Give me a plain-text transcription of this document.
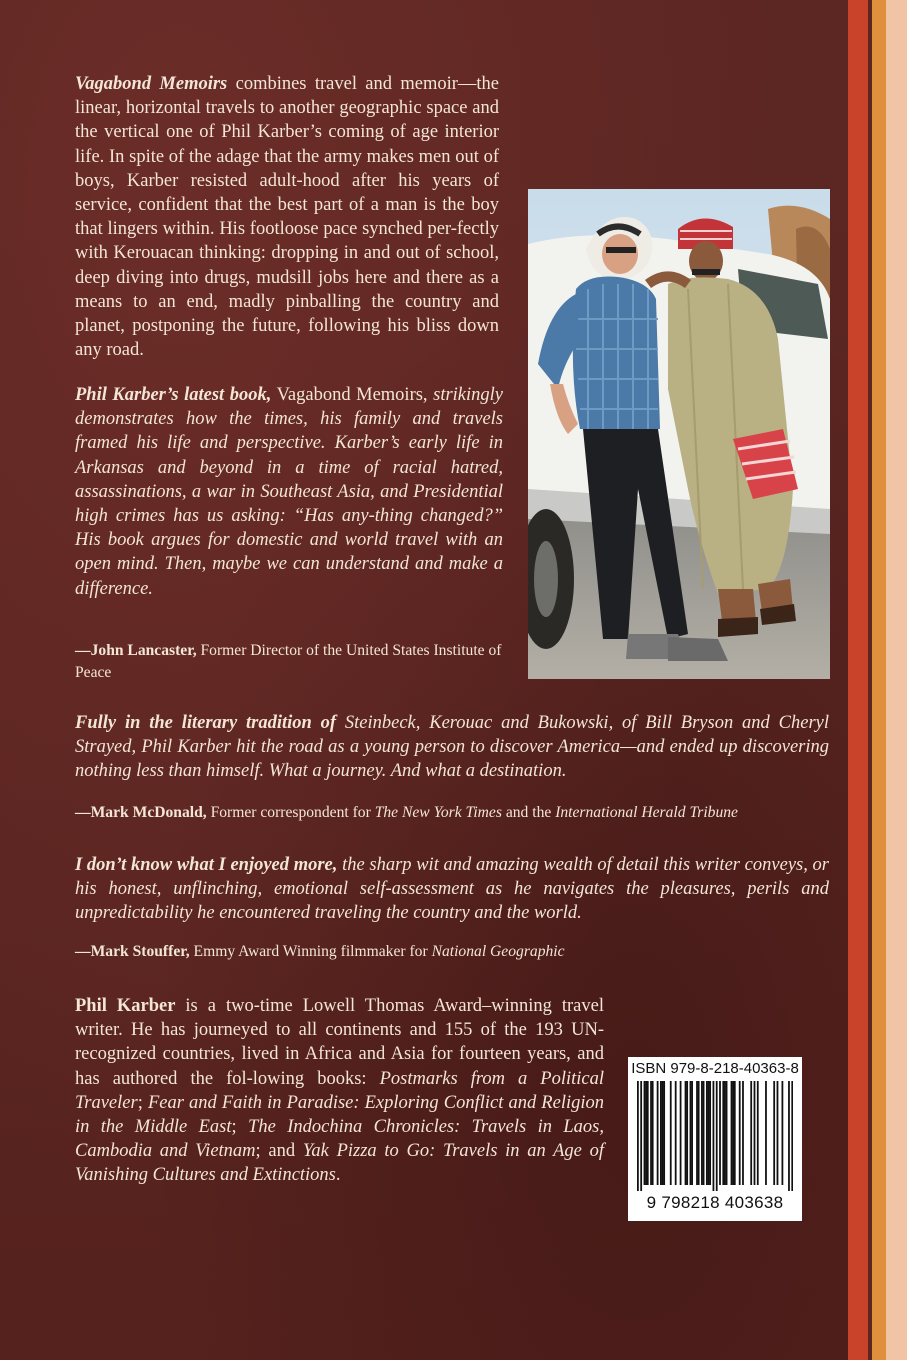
Vagabond Memoirs combines travel and memoir—the linear, horizontal travels to another geographic space and the vertical one of Phil Karber’s coming of age interior life. In spite of the adage that the army makes men out of boys, Karber resisted adult-hood after his years of service, confident that the best part of a man is the boy that lingers within. His footloose pace synched per-fectly with Kerouacan thinking: dropping in and out of school, deep diving into drugs, mudsill jobs here and there as a means to an end, madly pinballing the country and planet, postponing the future, following his bliss down any road.

Phil Karber’s latest book, Vagabond Memoirs, strikingly demonstrates how the times, his family and travels framed his life and perspective. Karber’s early life in Arkansas and beyond in a time of racial hatred, assassinations, a war in Southeast Asia, and Presidential high crimes has us asking: “Has any-thing changed?” His book argues for domestic and world travel with an open mind. Then, maybe we can understand and make a difference.

—John Lancaster, Former Director of the United States Institute of Peace

Fully in the literary tradition of Steinbeck, Kerouac and Bukowski, of Bill Bryson and Cheryl Strayed, Phil Karber hit the road as a young person to discover America—and ended up discovering nothing less than himself. What a journey. And what a destination.

—Mark McDonald, Former correspondent for The New York Times and the International Herald Tribune

I don’t know what I enjoyed more, the sharp wit and amazing wealth of detail this writer conveys, or his honest, unflinching, emotional self-assessment as he navigates the pleasures, perils and unpredictability he encountered traveling the country and the world.

—Mark Stouffer, Emmy Award Winning filmmaker for National Geographic

Phil Karber is a two-time Lowell Thomas Award–winning travel writer. He has journeyed to all continents and 155 of the 193 UN-recognized countries, lived in Africa and Asia for fourteen years, and has authored the fol-lowing books: Postmarks from a Political Traveler; Fear and Faith in Paradise: Exploring Conflict and Religion in the Middle East; The Indochina Chronicles: Travels in Laos, Cambodia and Vietnam; and Yak Pizza to Go: Travels in an Age of Vanishing Cultures and Extinctions.

ISBN 979-8-218-40363-8
9 798218 403638
